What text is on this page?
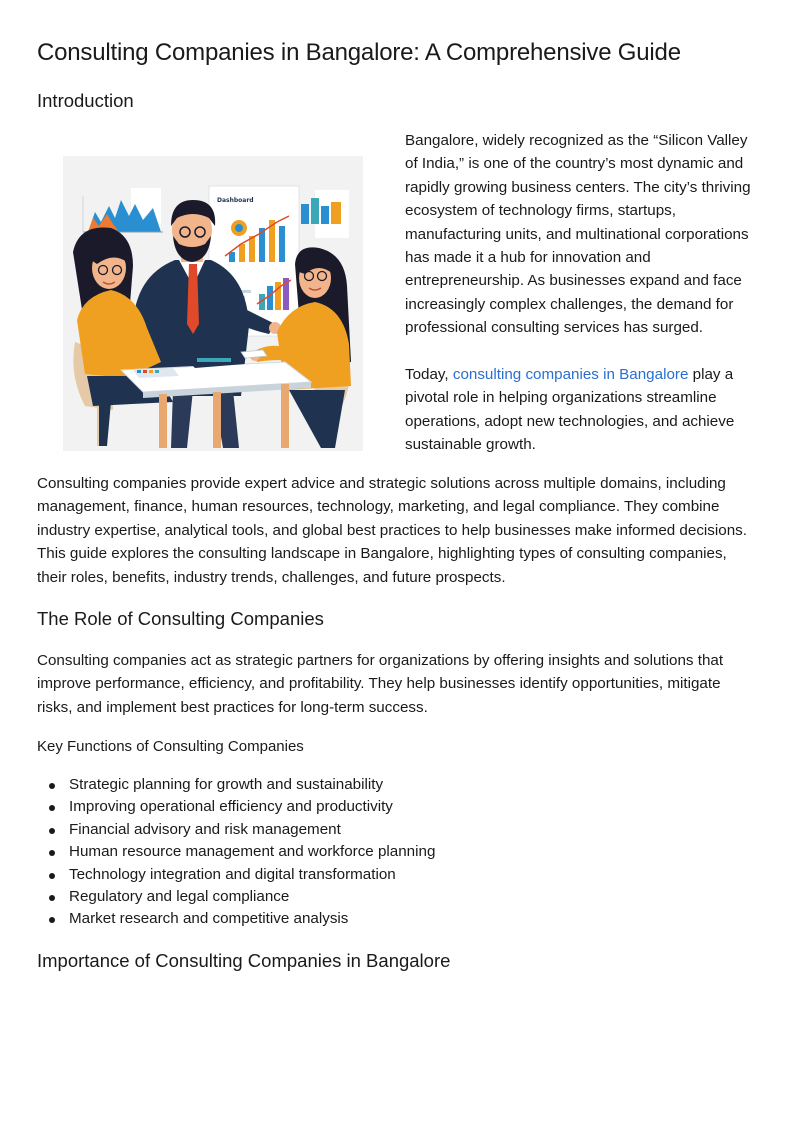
Consulting Companies in Bangalore: A Comprehensive Guide
Introduction

Bangalore, widely recognized as the “Silicon Valley of India,” is one of the country’s most dynamic and rapidly growing business centers. The city’s thriving ecosystem of technology firms, startups, manufacturing units, and multinational corporations has made it a hub for innovation and entrepreneurship. As businesses expand and face increasingly complex challenges, the demand for professional consulting services has surged.

Today, consulting companies in Bangalore play a pivotal role in helping organizations streamline operations, adopt new technologies, and achieve sustainable growth.

Consulting companies provide expert advice and strategic solutions across multiple domains, including management, finance, human resources, technology, marketing, and legal compliance. They combine industry expertise, analytical tools, and global best practices to help businesses make informed decisions. This guide explores the consulting landscape in Bangalore, highlighting types of consulting companies, their roles, benefits, industry trends, challenges, and future prospects.

The Role of Consulting Companies

Consulting companies act as strategic partners for organizations by offering insights and solutions that improve performance, efficiency, and profitability. They help businesses identify opportunities, mitigate risks, and implement best practices for long-term success.

Key Functions of Consulting Companies
Strategic planning for growth and sustainability
Improving operational efficiency and productivity
Financial advisory and risk management
Human resource management and workforce planning
Technology integration and digital transformation
Regulatory and legal compliance
Market research and competitive analysis
Importance of Consulting Companies in Bangalore
Dashboard
